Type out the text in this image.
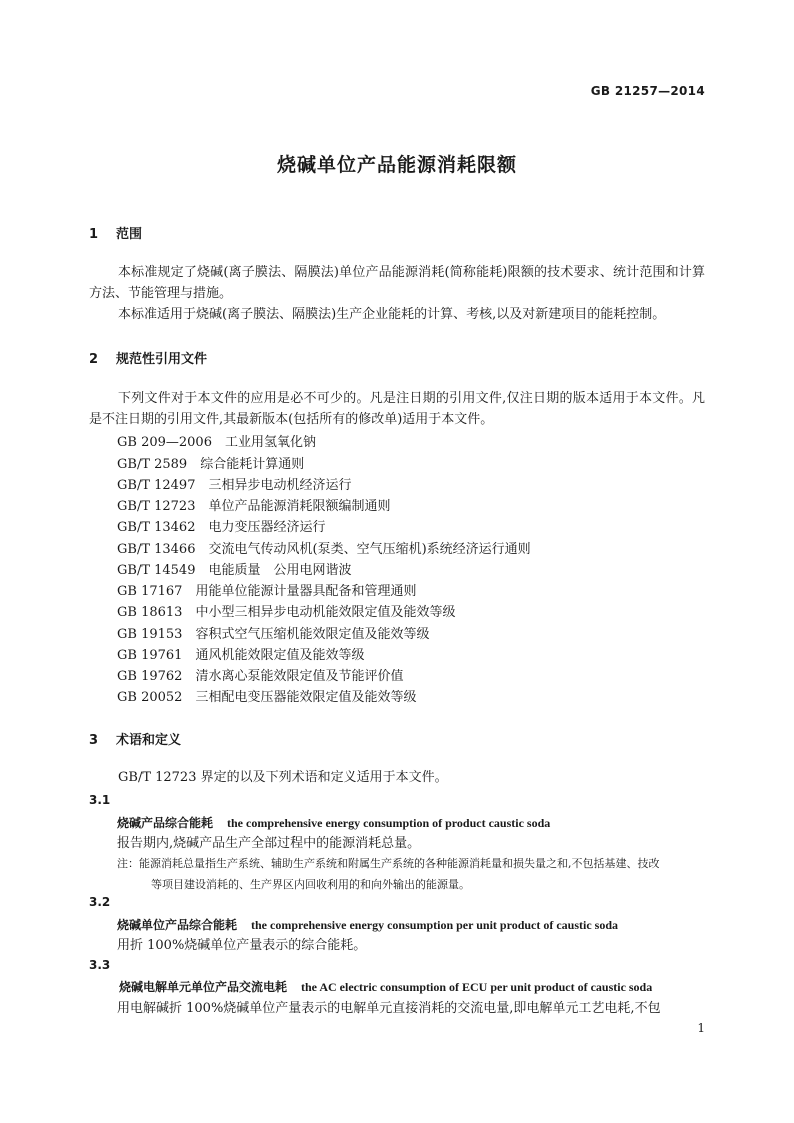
GB 21257—2014
烧碱单位产品能源消耗限额
1 范围
本标准规定了烧碱(离子膜法、隔膜法)单位产品能源消耗(简称能耗)限额的技术要求、统计范围和计算方法、节能管理与措施。
本标准适用于烧碱(离子膜法、隔膜法)生产企业能耗的计算、考核,以及对新建项目的能耗控制。
2 规范性引用文件
下列文件对于本文件的应用是必不可少的。凡是注日期的引用文件,仅注日期的版本适用于本文件。凡是不注日期的引用文件,其最新版本(包括所有的修改单)适用于本文件。
GB 209—2006　 工业用氢氧化钠
GB/T 2589　 综合能耗计算通则
GB/T 12497　 三相异步电动机经济运行
GB/T 12723　 单位产品能源消耗限额编制通则
GB/T 13462　 电力变压器经济运行
GB/T 13466　 交流电气传动风机(泵类、空气压缩机)系统经济运行通则
GB/T 14549　 电能质量　公用电网谐波
GB 17167　 用能单位能源计量器具配备和管理通则
GB 18613　 中小型三相异步电动机能效限定值及能效等级
GB 19153　 容积式空气压缩机能效限定值及能效等级
GB 19761　 通风机能效限定值及能效等级
GB 19762　 清水离心泵能效限定值及节能评价值
GB 20052　 三相配电变压器能效限定值及能效等级
3 术语和定义
GB/T 12723 界定的以及下列术语和定义适用于本文件。
3.1
烧碱产品综合能耗 the comprehensive energy consumption of product caustic soda
报告期内,烧碱产品生产全部过程中的能源消耗总量。
注：能源消耗总量指生产系统、辅助生产系统和附属生产系统的各种能源消耗量和损失量之和,不包括基建、技改
等项目建设消耗的、生产界区内回收利用的和向外输出的能源量。
3.2
烧碱单位产品综合能耗 the comprehensive energy consumption per unit product of caustic soda
用折 100%烧碱单位产量表示的综合能耗。
3.3
烧碱电解单元单位产品交流电耗 the AC electric consumption of ECU per unit product of caustic soda
用电解碱折 100%烧碱单位产量表示的电解单元直接消耗的交流电量,即电解单元工艺电耗,不包
1
